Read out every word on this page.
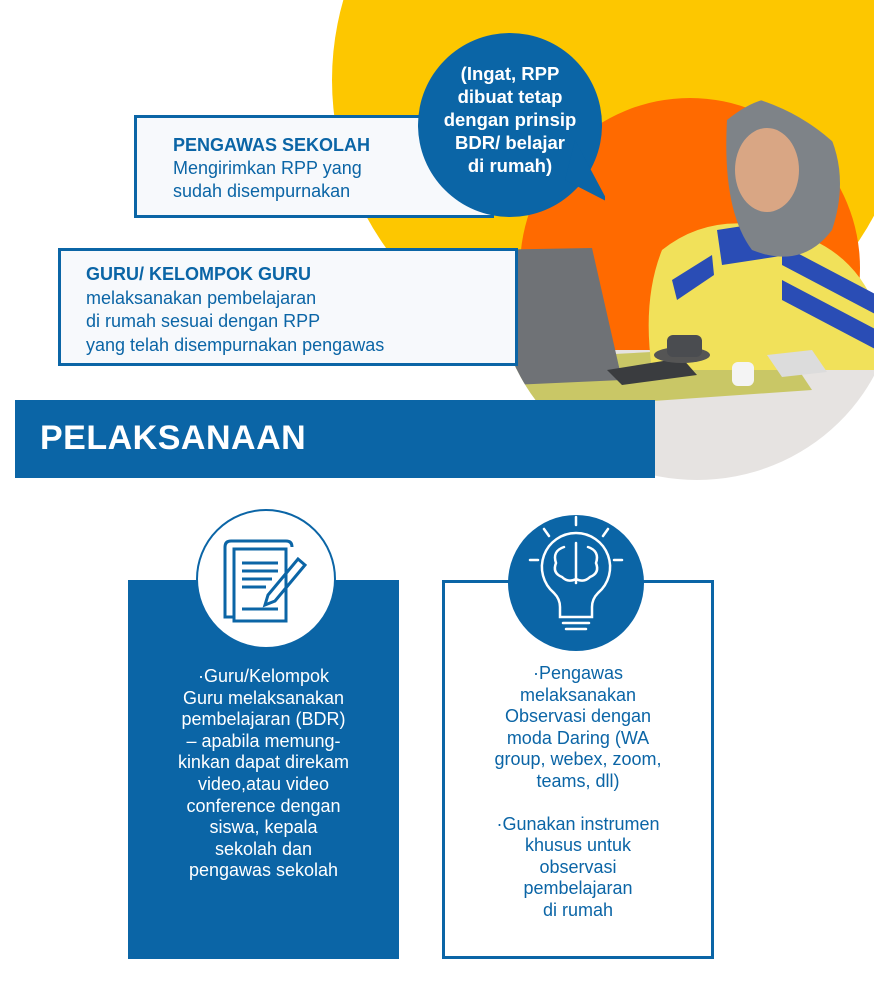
(Ingat, RPP
dibuat tetap
dengan prinsip
BDR/ belajar
di rumah)
PENGAWAS SEKOLAH
Mengirimkan RPP yang
sudah disempurnakan
GURU/ KELOMPOK GURU
melaksanakan pembelajaran
di rumah sesuai dengan RPP
yang telah disempurnakan pengawas
PELAKSANAAN
·Guru/Kelompok
Guru melaksanakan
pembelajaran (BDR)
– apabila memung-
kinkan dapat direkam
video,atau video
conference dengan
siswa, kepala
sekolah dan
pengawas sekolah
·Pengawas
melaksanakan
Observasi dengan
moda Daring (WA
group, webex, zoom,
teams, dll)
·Gunakan instrumen
khusus untuk
observasi
pembelajaran
di rumah
